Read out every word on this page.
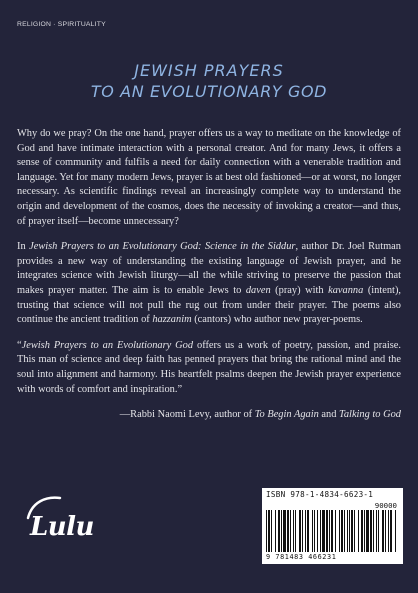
RELIGION · SPIRITUALITY
JEWISH PRAYERS
TO AN EVOLUTIONARY GOD

Why do we pray? On the one hand, prayer offers us a way to meditate on the knowledge of God and have intimate interaction with a personal creator. And for many Jews, it offers a sense of community and fulfils a need for daily connection with a venerable tradition and language. Yet for many modern Jews, prayer is at best old fashioned—or at worst, no longer necessary. As scientific findings reveal an increasingly complete way to understand the origin and development of the cosmos, does the necessity of invoking a creator—and thus, of prayer itself—become unnecessary?

In Jewish Prayers to an Evolutionary God: Science in the Siddur, author Dr. Joel Rutman provides a new way of understanding the existing language of Jewish prayer, and he integrates science with Jewish liturgy—all the while striving to preserve the passion that makes prayer matter. The aim is to enable Jews to daven (pray) with kavanna (intent), trusting that science will not pull the rug out from under their prayer. The poems also continue the ancient tradition of hazzanim (cantors) who author new prayer-poems.

“Jewish Prayers to an Evolutionary God offers us a work of poetry, passion, and praise. This man of science and deep faith has penned prayers that bring the rational mind and the soul into alignment and harmony. His heartfelt psalms deepen the Jewish prayer experience with words of comfort and inspiration.”

—Rabbi Naomi Levy, author of To Begin Again and Talking to God

Lulu
ISBN 978-1-4834-6623-1
90000
9 781483 466231
